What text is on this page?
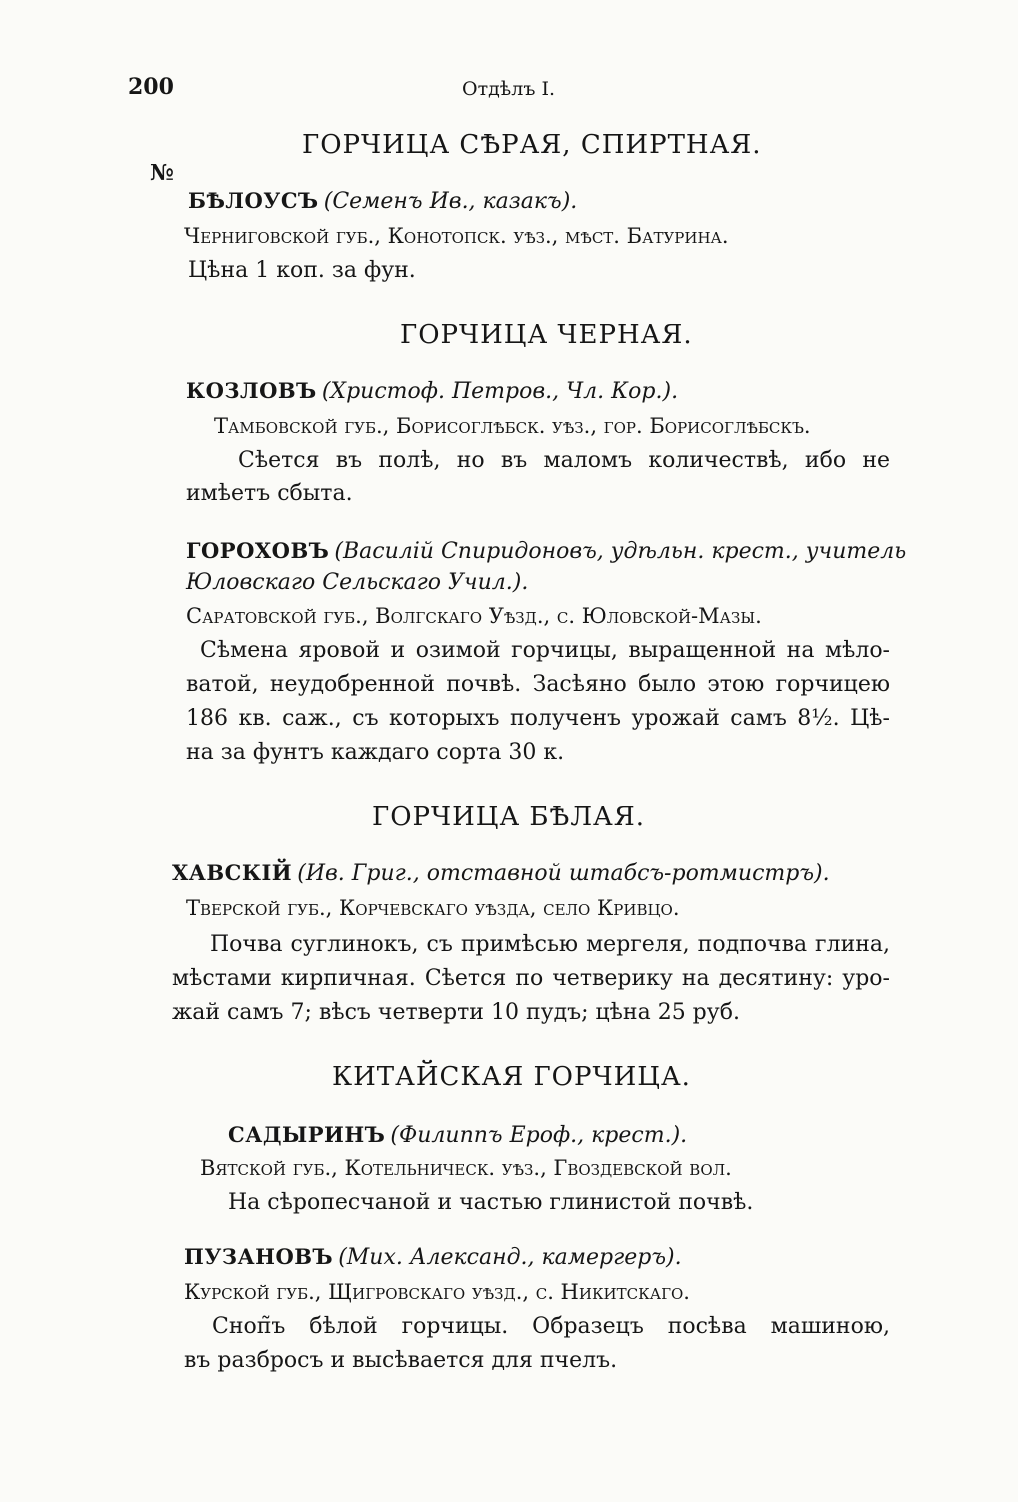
200	Отдѣлъ I.
ГОРЧИЦА СѢРАЯ, СПИРТНАЯ.
№
БѢЛОУСЪ (Семенъ Ив., казакъ).
Черниговской губ., Конотопск. уѣз., мѣст. Батурина.
Цѣна 1 коп. за фун.
ГОРЧИЦА ЧЕРНАЯ.
КОЗЛОВЪ (Христоф. Петров., Чл. Кор.).
Тамбовской губ., Борисоглѣбск. уѣз., гор. Борисоглѣбскъ.
Сѣется въ полѣ, но въ маломъ количествѣ, ибо не
имѣетъ сбыта.
ГОРОХОВЪ (Василій Спиридоновъ, удѣльн. крест., учитель
Юловскаго Сельскаго Учил.).
Саратовской губ., Волгскаго Уѣзд., с. Юловской-Мазы.
Сѣмена яровой и озимой горчицы, выращенной на мѣло-
ватой, неудобренной почвѣ. Засѣяно было этою горчицею
186 кв. саж., съ которыхъ полученъ урожай самъ 8½. Цѣ-
на за фунтъ каждаго сорта 30 к.
ГОРЧИЦА БѢЛАЯ.
ХАВСКІЙ (Ив. Григ., отставной штабсъ-ротмистръ).
Тверской губ., Корчевскаго уѣзда, село Кривцо.
Почва суглинокъ, съ примѣсью мергеля, подпочва глина,
мѣстами кирпичная. Сѣется по четверику на десятину: уро-
жай самъ 7; вѣсъ четверти 10 пудъ; цѣна 25 руб.
КИТАЙСКАЯ ГОРЧИЦА.
САДЫРИНЪ (Филиппъ Ероф., крест.).
Вятской губ., Котельническ. уѣз., Гвоздевской вол.
На сѣропесчаной и частью глинистой почвѣ.
ПУЗАНОВЪ (Мих. Александ., камергеръ).
Курской губ., Щигровскаго уѣзд., с. Никитскаго.
Сноп̃ъ бѣлой горчицы. Образецъ посѣва машиною,
въ разбросъ и высѣвается для пчелъ.
